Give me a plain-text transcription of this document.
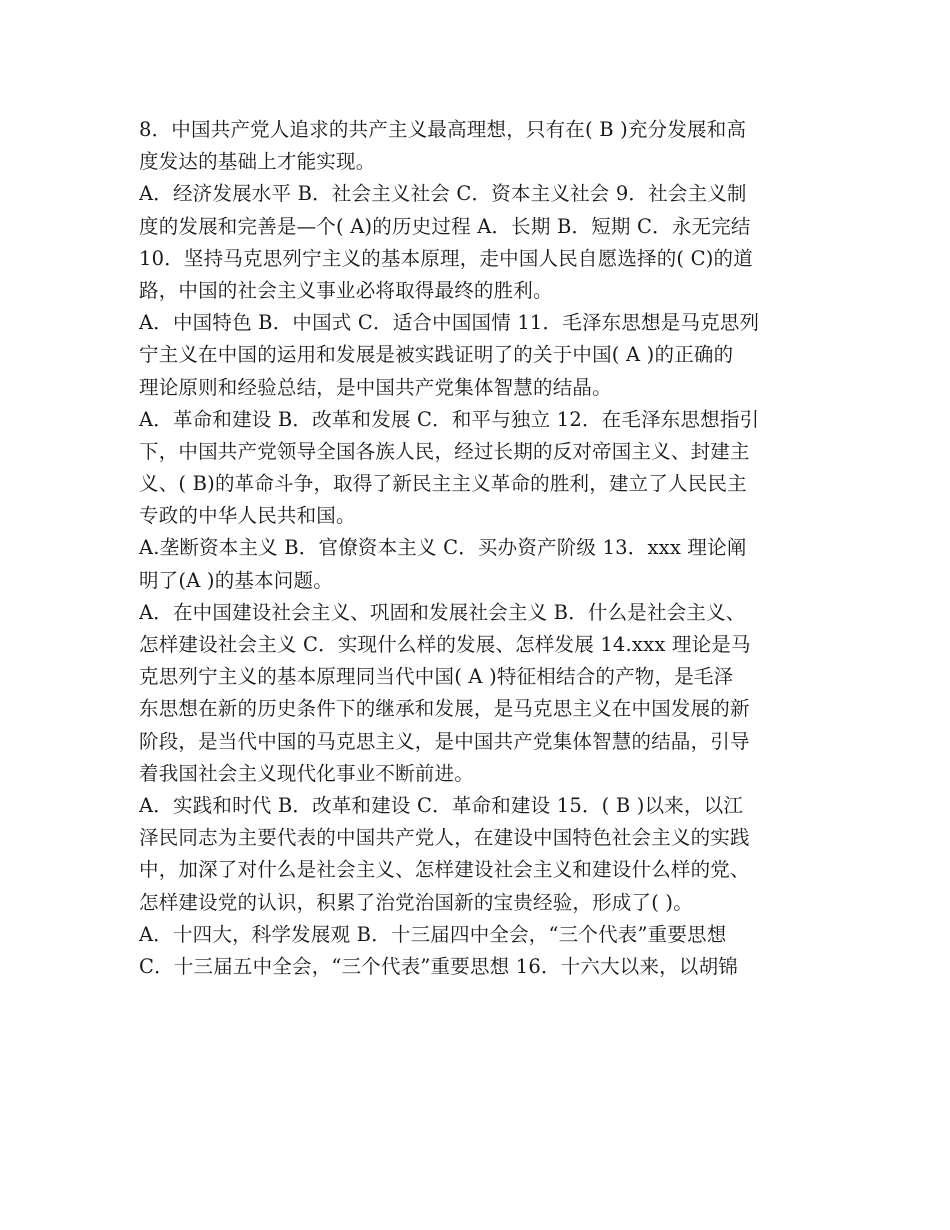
8．中国共产党人追求的共产主义最高理想，只有在( B )充分发展和高
度发达的基础上才能实现。
A．经济发展水平 B．社会主义社会 C．资本主义社会 9．社会主义制
度的发展和完善是—个( A)的历史过程 A．长期 B．短期 C．永无完结
10．坚持马克思列宁主义的基本原理，走中国人民自愿选择的( C)的道
路，中国的社会主义事业必将取得最终的胜利。
A．中国特色 B．中国式 C．适合中国国情 11．毛泽东思想是马克思列
宁主义在中国的运用和发展是被实践证明了的关于中国( A )的正确的
理论原则和经验总结，是中国共产党集体智慧的结晶。
A．革命和建设 B．改革和发展 C．和平与独立 12．在毛泽东思想指引
下，中国共产党领导全国各族人民，经过长期的反对帝国主义、封建主
义、( B)的革命斗争，取得了新民主主义革命的胜利，建立了人民民主
专政的中华人民共和国。
A.垄断资本主义 B．官僚资本主义 C．买办资产阶级 13．xxx 理论阐
明了(A )的基本问题。
A．在中国建设社会主义、巩固和发展社会主义 B．什么是社会主义、
怎样建设社会主义 C．实现什么样的发展、怎样发展 14.xxx 理论是马
克思列宁主义的基本原理同当代中国( A )特征相结合的产物，是毛泽
东思想在新的历史条件下的继承和发展，是马克思主义在中国发展的新
阶段，是当代中国的马克思主义，是中国共产党集体智慧的结晶，引导
着我国社会主义现代化事业不断前进。
A．实践和时代 B．改革和建设 C．革命和建设 15．( B )以来，以江
泽民同志为主要代表的中国共产党人，在建设中国特色社会主义的实践
中，加深了对什么是社会主义、怎样建设社会主义和建设什么样的党、
怎样建设党的认识，积累了治党治国新的宝贵经验，形成了( )。
A．十四大，科学发展观 B．十三届四中全会，“三个代表”重要思想
C．十三届五中全会，“三个代表”重要思想 16．十六大以来，以胡锦
